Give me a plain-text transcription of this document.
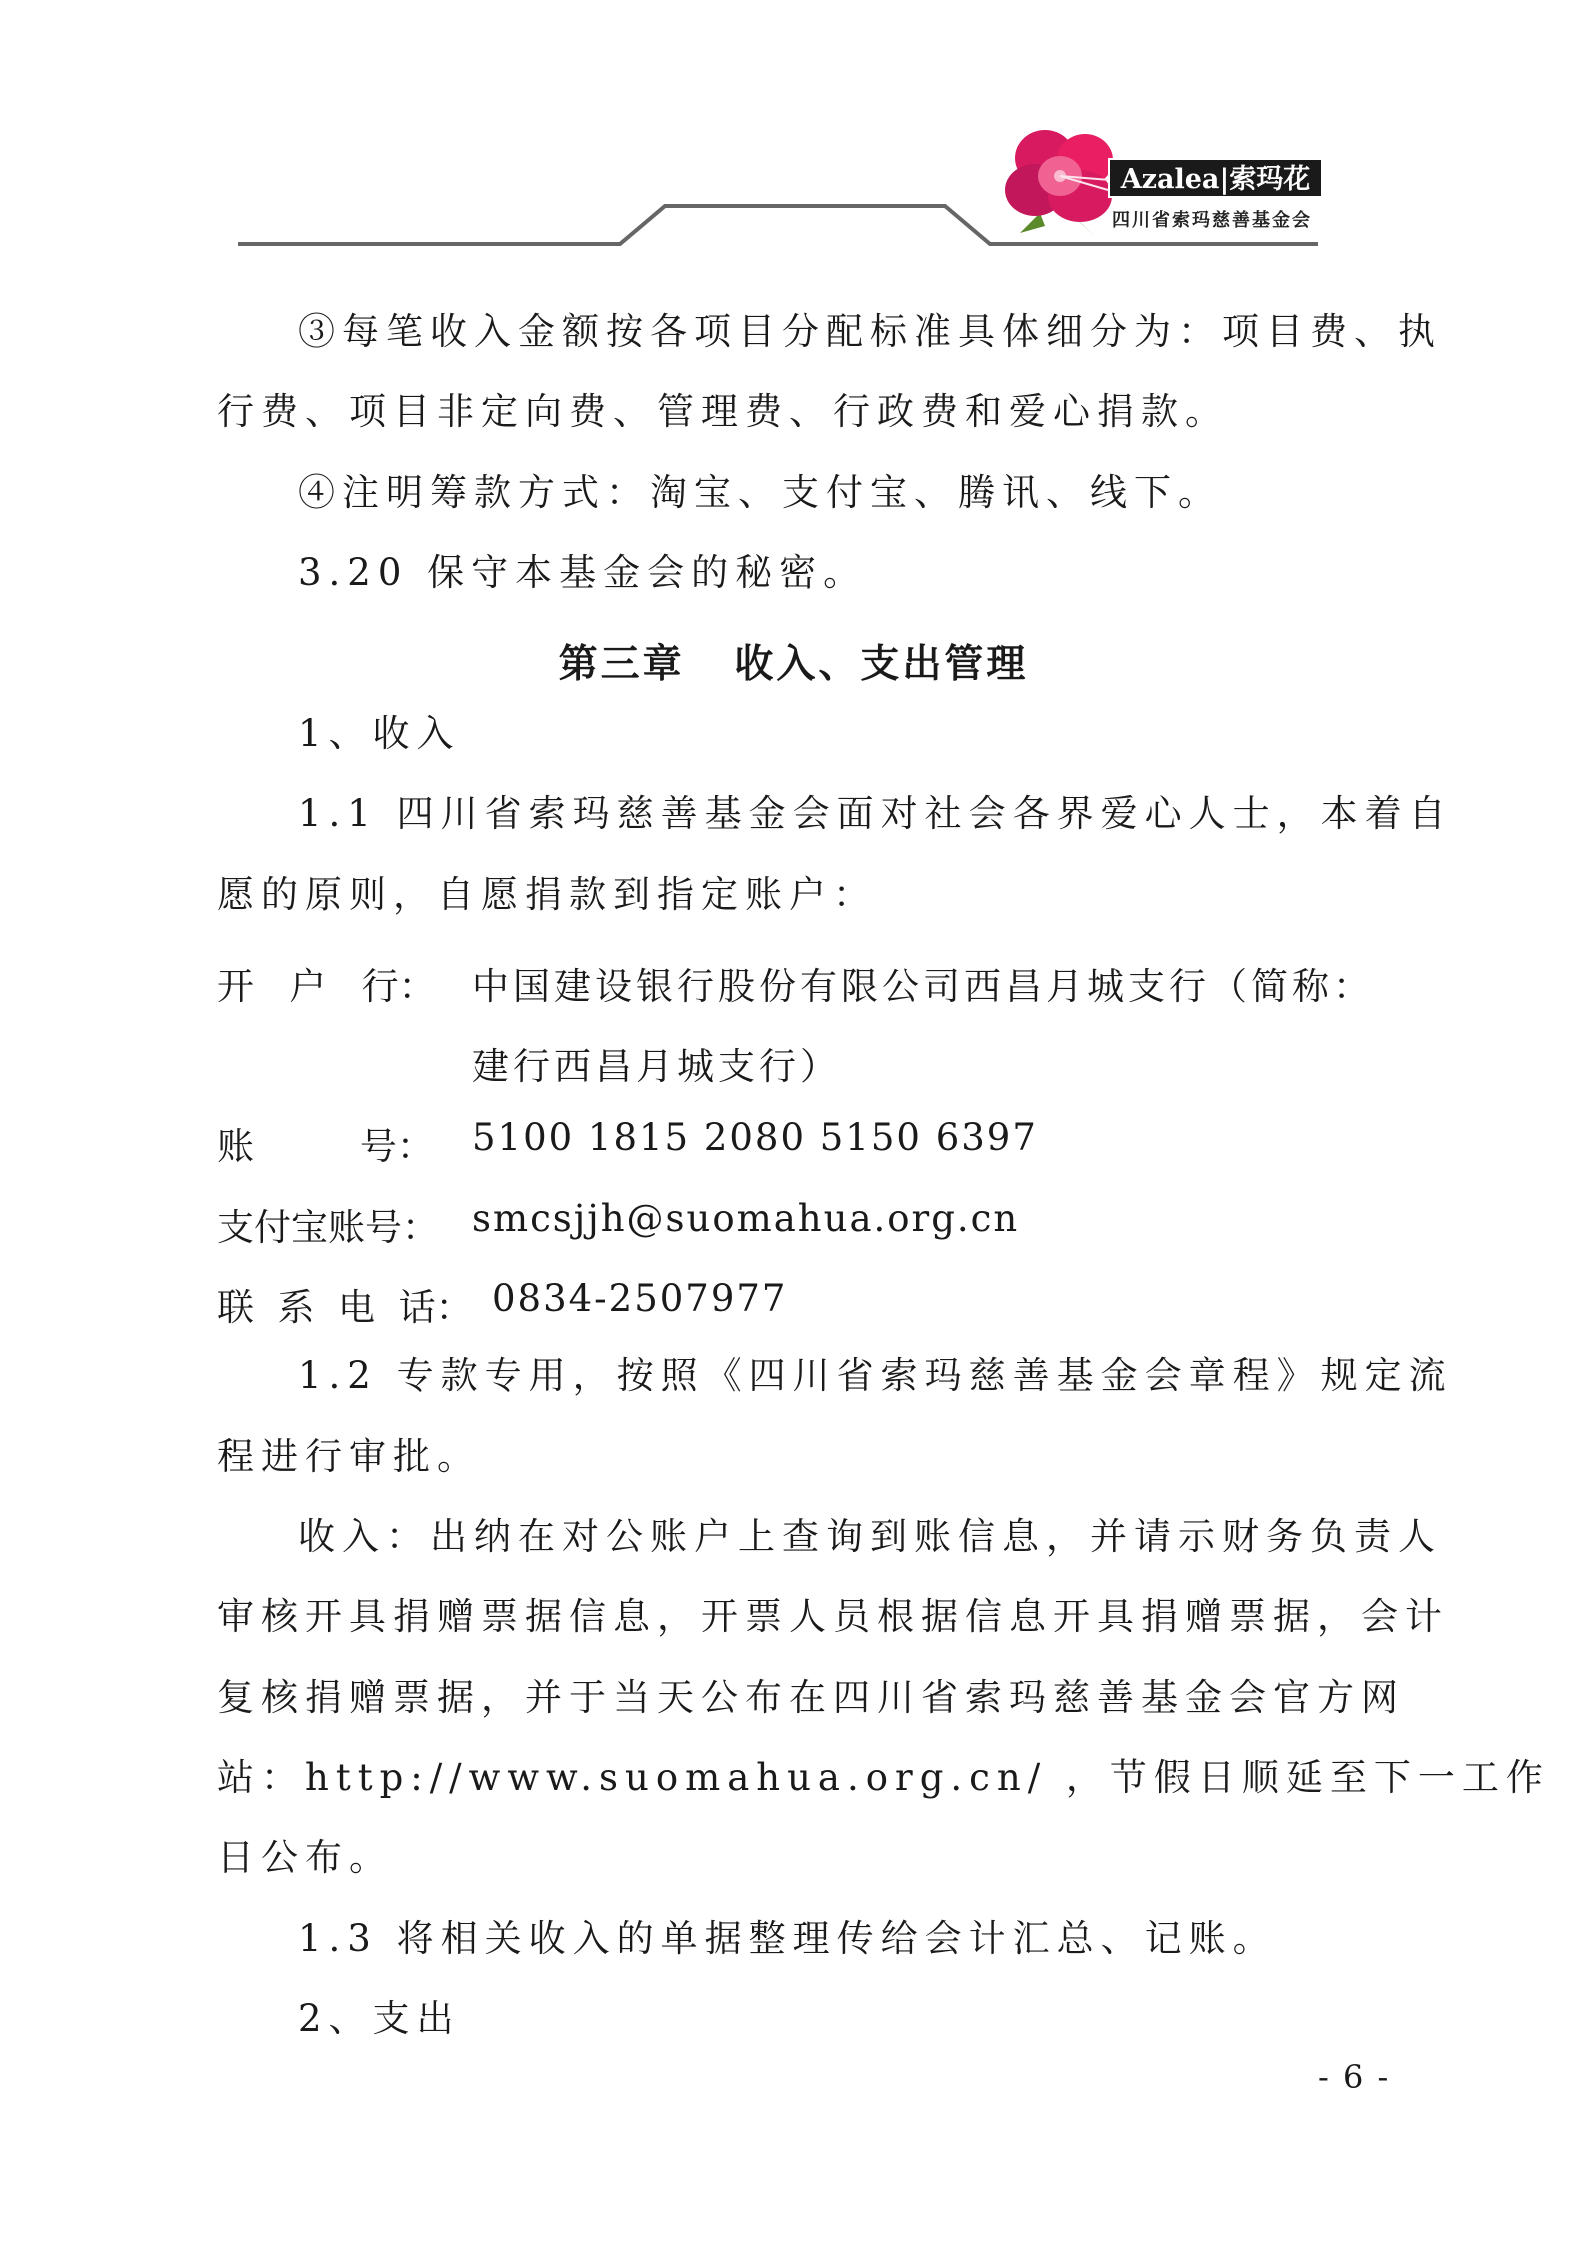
Azalea|索玛花
四川省索玛慈善基金会
③每笔收入金额按各项目分配标准具体细分为：项目费、执
行费、项目非定向费、管理费、行政费和爱心捐款。
④注明筹款方式：淘宝、支付宝、腾讯、线下。
3.20 保守本基金会的秘密。
第三章   收入、支出管理
1、收入
1.1 四川省索玛慈善基金会面对社会各界爱心人士，本着自
愿的原则，自愿捐款到指定账户：
开   户   行： 中国建设银行股份有限公司西昌月城支行（简称：
建行西昌月城支行）
账         号： 5100 1815 2080 5150 6397
支付宝账号： smcsjjh@suomahua.org.cn
联  系  电  话： 0834-2507977
1.2 专款专用，按照《四川省索玛慈善基金会章程》规定流
程进行审批。
收入：出纳在对公账户上查询到账信息，并请示财务负责人
审核开具捐赠票据信息，开票人员根据信息开具捐赠票据，会计
复核捐赠票据，并于当天公布在四川省索玛慈善基金会官方网
站：http://www.suomahua.org.cn/ ，节假日顺延至下一工作
日公布。
1.3 将相关收入的单据整理传给会计汇总、记账。
2、支出
- 6 -
